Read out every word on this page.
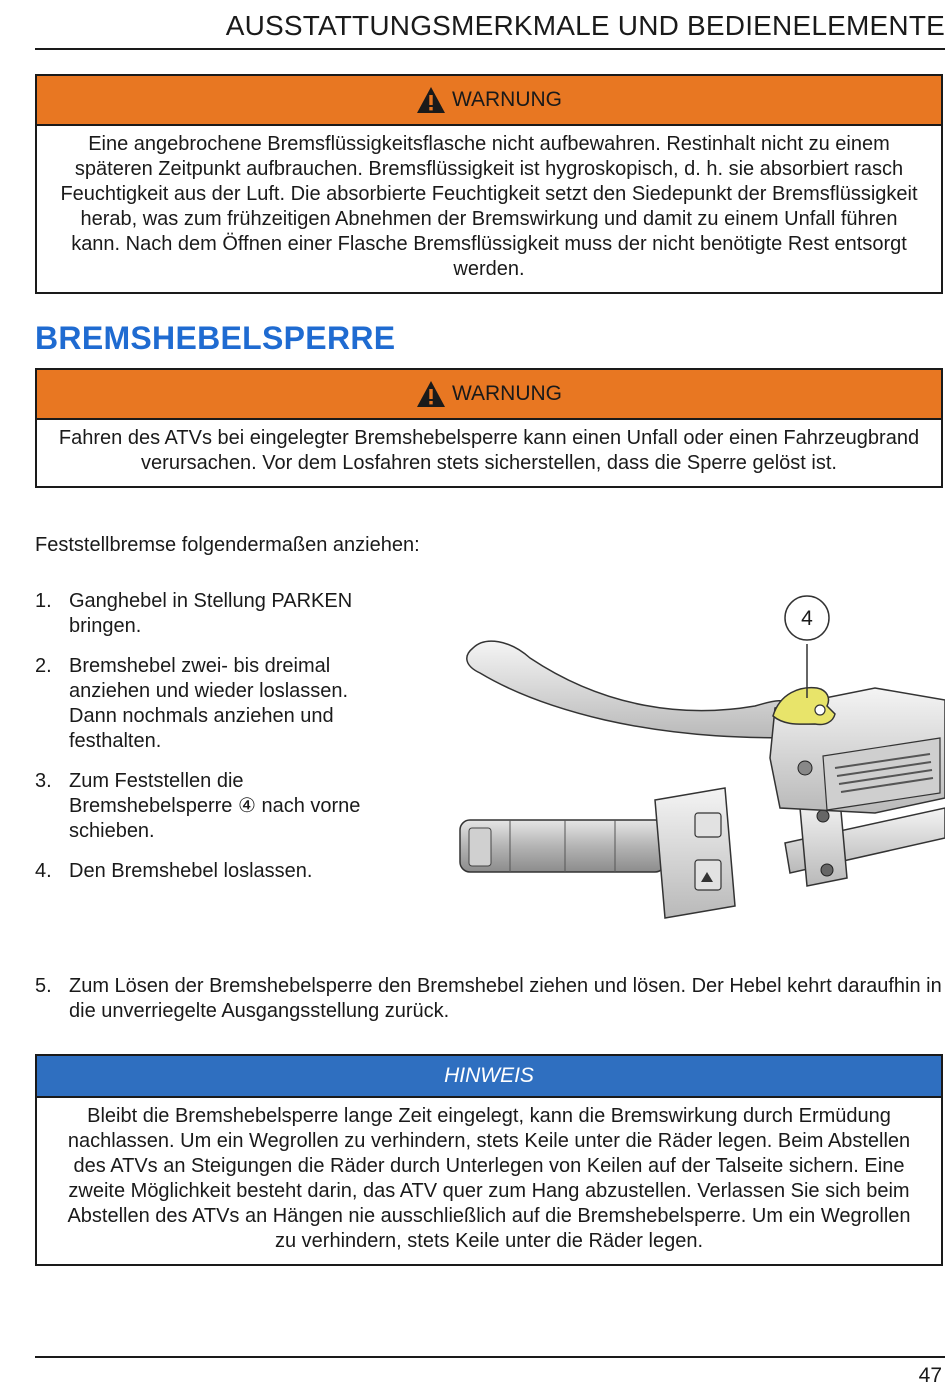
AUSSTATTUNGSMERKMALE UND BEDIENELEMENTE
WARNUNG
Eine angebrochene Bremsflüssigkeitsflasche nicht aufbewahren. Restinhalt nicht zu einem späteren Zeitpunkt aufbrauchen. Bremsflüssigkeit ist hygroskopisch, d. h. sie absorbiert rasch Feuchtigkeit aus der Luft. Die absorbierte Feuchtigkeit setzt den Siedepunkt der Bremsflüssigkeit herab, was zum frühzeitigen Abnehmen der Bremswirkung und damit zu einem Unfall führen kann. Nach dem Öffnen einer Flasche Bremsflüssigkeit muss der nicht benötigte Rest entsorgt werden.
BREMSHEBELSPERRE
WARNUNG
Fahren des ATVs bei eingelegter Bremshebelsperre kann einen Unfall oder einen Fahrzeugbrand verursachen. Vor dem Losfahren stets sicherstellen, dass die Sperre gelöst ist.
Feststellbremse folgendermaßen anziehen:
1. Ganghebel in Stellung PARKEN bringen.
2. Bremshebel zwei- bis dreimal anziehen und wieder loslassen. Dann nochmals anziehen und festhalten.
3. Zum Feststellen die Bremshebelsperre ④ nach vorne schieben.
4. Den Bremshebel loslassen.
4
5. Zum Lösen der Bremshebelsperre den Bremshebel ziehen und lösen. Der Hebel kehrt daraufhin in die unverriegelte Ausgangsstellung zurück.
HINWEIS
Bleibt die Bremshebelsperre lange Zeit eingelegt, kann die Bremswirkung durch Ermüdung nachlassen. Um ein Wegrollen zu verhindern, stets Keile unter die Räder legen. Beim Abstellen des ATVs an Steigungen die Räder durch Unterlegen von Keilen auf der Talseite sichern. Eine zweite Möglichkeit besteht darin, das ATV quer zum Hang abzustellen. Verlassen Sie sich beim Abstellen des ATVs an Hängen nie ausschließlich auf die Bremshebelsperre. Um ein Wegrollen zu verhindern, stets Keile unter die Räder legen.
47
